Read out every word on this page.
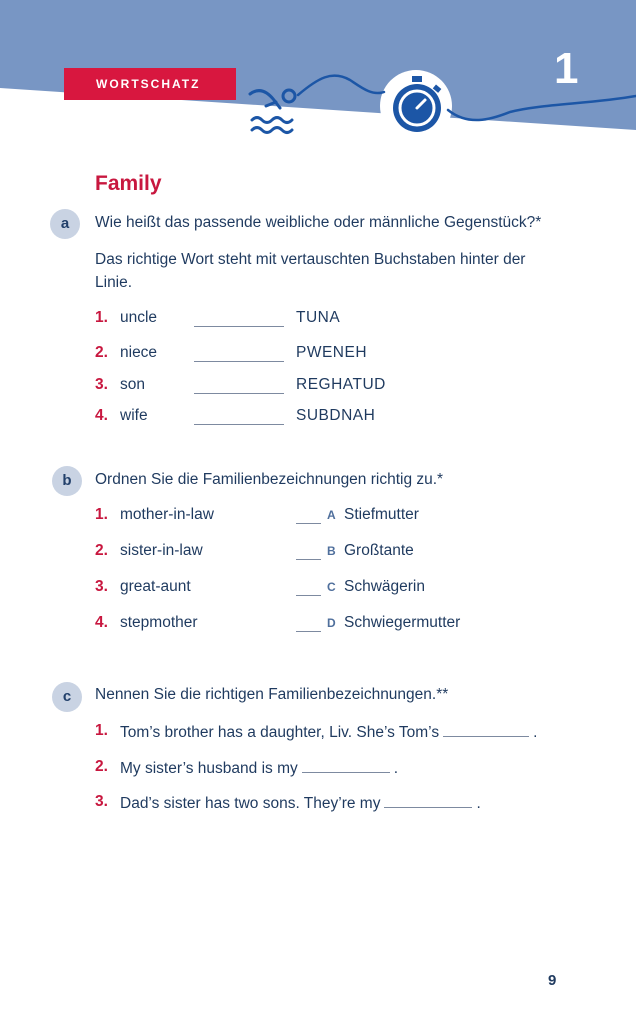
WORTSCHATZ	1
Family
a	Wie heißt das passende weibliche oder männliche Gegenstück?*
Das richtige Wort steht mit vertauschten Buchstaben hinter der Linie.
1. uncle	TUNA
2. niece	PWENEH
3. son	REGHATUD
4. wife	SUBDNAH
b	Ordnen Sie die Familienbezeichnungen richtig zu.*
1. mother-in-law	A Stiefmutter
2. sister-in-law	B Großtante
3. great-aunt	C Schwägerin
4. stepmother	D Schwiegermutter
c	Nennen Sie die richtigen Familienbezeichnungen.**
1. Tom’s brother has a daughter, Liv. She’s Tom’s	.
2. My sister’s husband is my	.
3. Dad’s sister has two sons. They’re my	.
9
